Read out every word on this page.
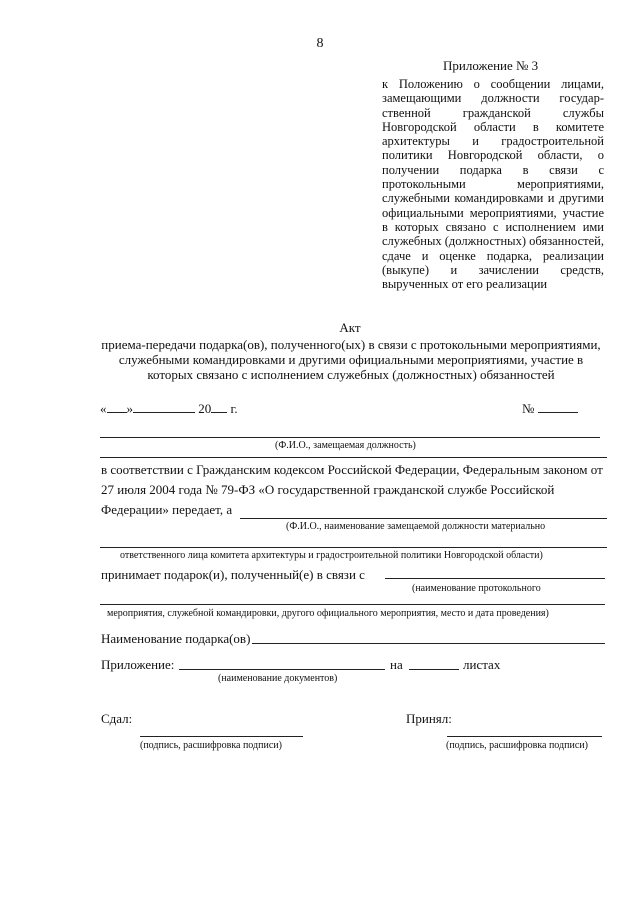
8
Приложение № 3
к Положению о сообщении лицами, замещающими должности государственной гражданской службы Новгородской области в комитете архитектуры и градостроительной политики Новгородской области, о получении подарка в связи с протокольными мероприятиями, служебными командировками и другими официальными мероприятиями, участие в которых связано с исполнением ими служебных (должностных) обязанностей, сдаче и оценке подарка, реализации (выкупе) и зачислении средств, вырученных от его реализации
Акт
приема-передачи подарка(ов), полученного(ых) в связи с протокольными мероприятиями, служебными командировками и другими официальными мероприятиями, участие в которых связано с исполнением служебных (должностных) обязанностей
« »	20 г.	№
(Ф.И.О., замещаемая должность)
в соответствии с Гражданским кодексом Российской Федерации, Федеральным законом от
27 июля 2004 года № 79-ФЗ «О государственной гражданской службе Российской
Федерации» передает, а
(Ф.И.О., наименование замещаемой должности материально
ответственного лица комитета архитектуры и градостроительной политики Новгородской области)
принимает подарок(и), полученный(е) в связи с
(наименование протокольного
мероприятия, служебной командировки, другого официального мероприятия, место и дата проведения)
Наименование подарка(ов)
Приложение:	на	листах
(наименование документов)
Сдал:
(подпись, расшифровка подписи)
Принял:
(подпись, расшифровка подписи)
